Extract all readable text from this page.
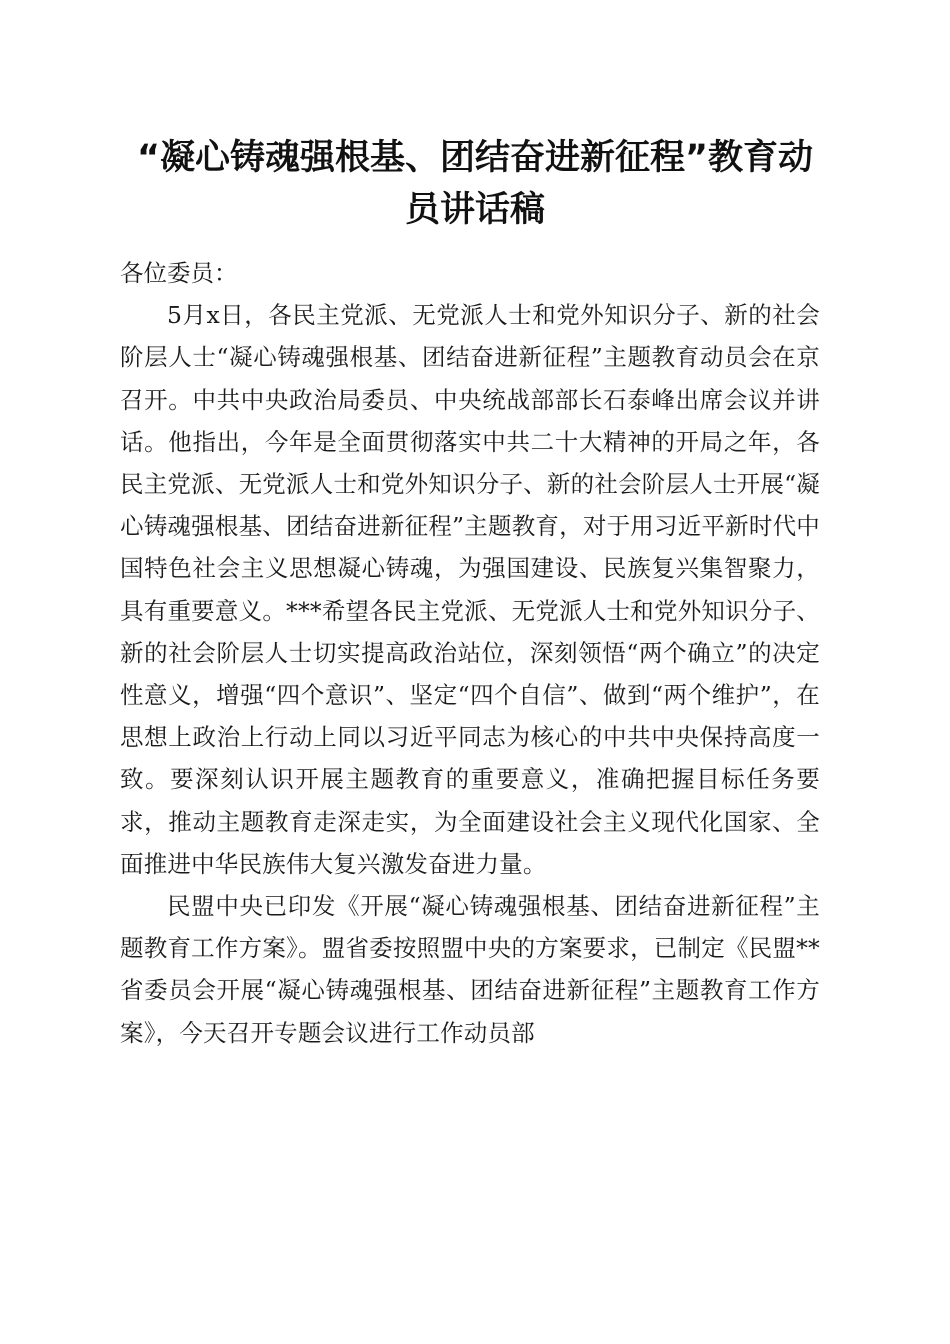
“凝心铸魂强根基、团结奋进新征程”教育动员讲话稿

各位委员：

5月x日，各民主党派、无党派人士和党外知识分子、新的社会阶层人士“凝心铸魂强根基、团结奋进新征程”主题教育动员会在京召开。中共中央政治局委员、中央统战部部长石泰峰出席会议并讲话。他指出，今年是全面贯彻落实中共二十大精神的开局之年，各民主党派、无党派人士和党外知识分子、新的社会阶层人士开展“凝心铸魂强根基、团结奋进新征程”主题教育，对于用习近平新时代中国特色社会主义思想凝心铸魂，为强国建设、民族复兴集智聚力，具有重要意义。***希望各民主党派、无党派人士和党外知识分子、新的社会阶层人士切实提高政治站位，深刻领悟“两个确立”的决定性意义，增强“四个意识”、坚定“四个自信”、做到“两个维护”，在思想上政治上行动上同以习近平同志为核心的中共中央保持高度一致。要深刻认识开展主题教育的重要意义，准确把握目标任务要求，推动主题教育走深走实，为全面建设社会主义现代化国家、全面推进中华民族伟大复兴激发奋进力量。

民盟中央已印发《开展“凝心铸魂强根基、团结奋进新征程”主题教育工作方案》。盟省委按照盟中央的方案要求，已制定《民盟**省委员会开展“凝心铸魂强根基、团结奋进新征程”主题教育工作方案》，今天召开专题会议进行工作动员部
